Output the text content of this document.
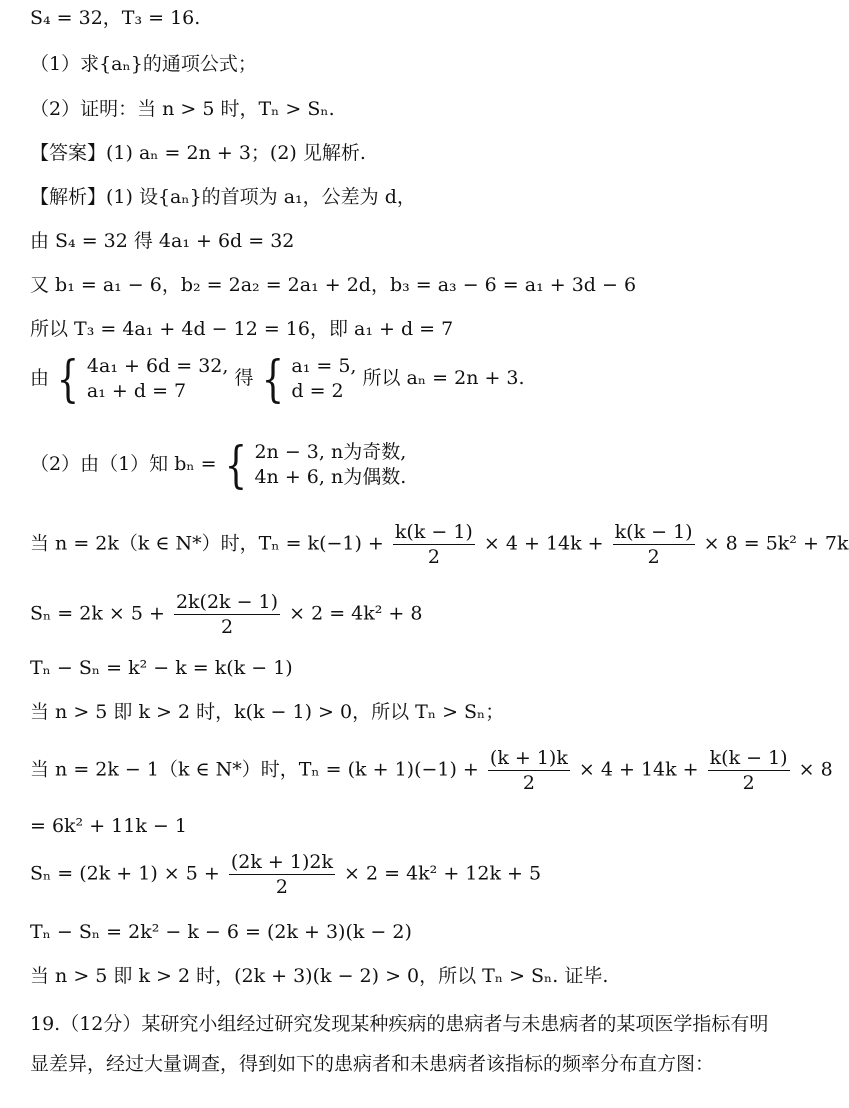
S₄ = 32，T₃ = 16.
（1）求{aₙ}的通项公式；
（2）证明：当 n > 5 时，Tₙ > Sₙ.
【答案】(1) aₙ = 2n + 3；(2) 见解析.
【解析】(1) 设{aₙ}的首项为 a₁，公差为 d，
由 S₄ = 32 得 4a₁ + 6d = 32
又 b₁ = a₁ − 6，b₂ = 2a₂ = 2a₁ + 2d，b₃ = a₃ − 6 = a₁ + 3d − 6
所以 T₃ = 4a₁ + 4d − 12 = 16，即 a₁ + d = 7
由 { 4a₁ + 6d = 32,
a₁ + d = 7
得 { a₁ = 5,
d = 2
所以 aₙ = 2n + 3.
（2）由（1）知 bₙ = { 2n − 3, n为奇数,
4n + 6, n为偶数.
当 n = 2k（k ∈ N*）时，$T_n = k(-1) + \frac{k(k - 1)}{2} \times 4 + 14k + \frac{k(k - 1)}{2} \times 8 = 5k^2 + 7k$
$S_n = 2k \times 5 + \frac{2k(2k - 1)}{2} \times 2 = 4k^2 + 8$
Tₙ − Sₙ = k² − k = k(k − 1)
当 n > 5 即 k > 2 时，k(k − 1) > 0，所以 Tₙ > Sₙ；
当 n = 2k − 1（k ∈ N*）时，$T_n = (k + 1)(-1) + \frac{(k + 1)k}{2} \times 4 + 14k + \frac{k(k - 1)}{2} \times 8$
= 6k² + 11k − 1
$S_n = (2k + 1) \times 5 + \frac{(2k + 1)2k}{2} \times 2 = 4k^2 + 12k + 5$
Tₙ − Sₙ = 2k² − k − 6 = (2k + 3)(k − 2)
当 n > 5 即 k > 2 时，(2k + 3)(k − 2) > 0，所以 Tₙ > Sₙ. 证毕.
19.（12分）某研究小组经过研究发现某种疾病的患病者与未患病者的某项医学指标有明
显差异，经过大量调查，得到如下的患病者和未患病者该指标的频率分布直方图：
